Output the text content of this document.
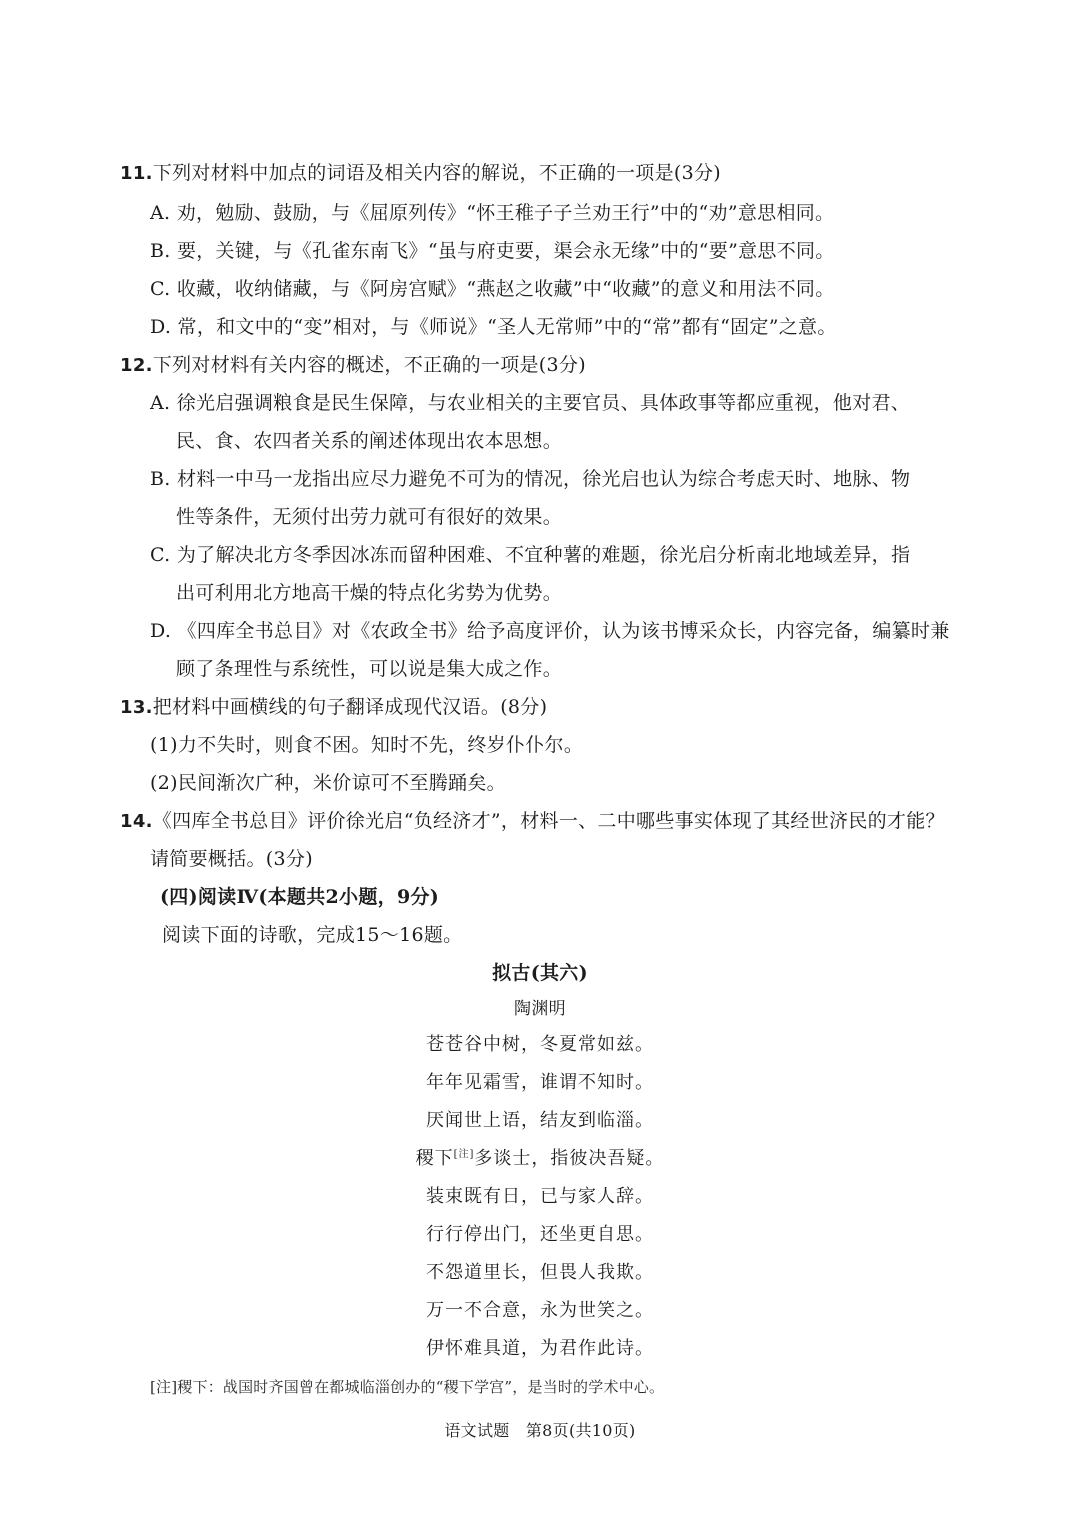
11.下列对材料中加点的词语及相关内容的解说，不正确的一项是(3分)
A. 劝，勉励、鼓励，与《屈原列传》“怀王稚子子兰劝王行”中的“劝”意思相同。
B. 要，关键，与《孔雀东南飞》“虽与府吏要，渠会永无缘”中的“要”意思不同。
C. 收藏，收纳储藏，与《阿房宫赋》“燕赵之收藏”中“收藏”的意义和用法不同。
D. 常，和文中的“变”相对，与《师说》“圣人无常师”中的“常”都有“固定”之意。
12.下列对材料有关内容的概述，不正确的一项是(3分)
A. 徐光启强调粮食是民生保障，与农业相关的主要官员、具体政事等都应重视，他对君、
民、食、农四者关系的阐述体现出农本思想。
B. 材料一中马一龙指出应尽力避免不可为的情况，徐光启也认为综合考虑天时、地脉、物
性等条件，无须付出劳力就可有很好的效果。
C. 为了解决北方冬季因冰冻而留种困难、不宜种薯的难题，徐光启分析南北地域差异，指
出可利用北方地高干燥的特点化劣势为优势。
D. 《四库全书总目》对《农政全书》给予高度评价，认为该书博采众长，内容完备，编纂时兼
顾了条理性与系统性，可以说是集大成之作。
13.把材料中画横线的句子翻译成现代汉语。(8分)
(1)力不失时，则食不困。知时不先，终岁仆仆尔。
(2)民间渐次广种，米价谅可不至腾踊矣。
14.《四库全书总目》评价徐光启“负经济才”，材料一、二中哪些事实体现了其经世济民的才能？
请简要概括。(3分)
(四)阅读Ⅳ(本题共2小题，9分)
阅读下面的诗歌，完成15～16题。
拟古(其六)
陶渊明
苍苍谷中树，冬夏常如兹。
年年见霜雪，谁谓不知时。
厌闻世上语，结友到临淄。
稷下[注]多谈士，指彼决吾疑。
装束既有日，已与家人辞。
行行停出门，还坐更自思。
不怨道里长，但畏人我欺。
万一不合意，永为世笑之。
伊怀难具道，为君作此诗。
[注]稷下：战国时齐国曾在都城临淄创办的“稷下学宫”，是当时的学术中心。
语文试题　第8页(共10页)
